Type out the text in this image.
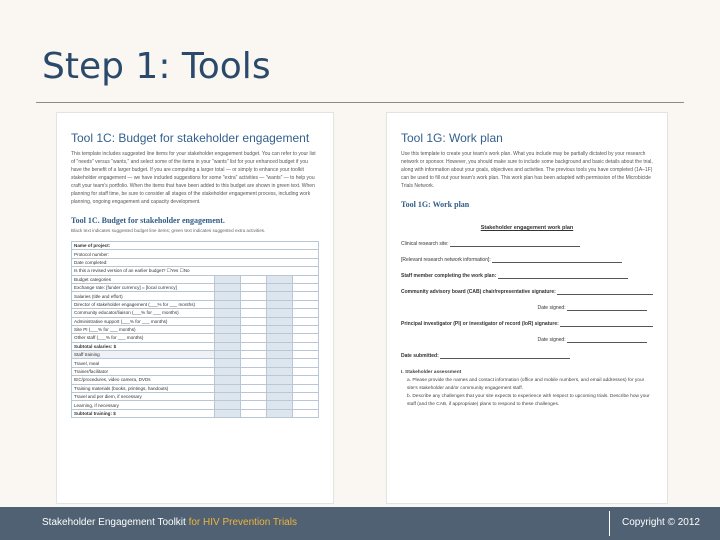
Step 1: Tools
Tool 1C: Budget for stakeholder engagement
This template includes suggested line items for your stakeholder engagement budget. You can refer to your list of "needs" versus "wants," and select some of the items in your "wants" list for your enhanced budget if you have the benefit of a larger budget. If you are computing a larger total — or simply to enhance your toolkit stakeholder engagement — we have included suggestions for some "extra" activities — "wants" — to help you craft your team's portfolio. When the items that have been added to this budget are shown in green text. When planning for staff time, be sure to consider all stages of the stakeholder engagement process, including work planning, ongoing engagement and capacity development.
Tool 1C. Budget for stakeholder engagement.
Black text indicates suggested budget line items; green text indicates suggested extra activities.
Name of project:				
Protocol number:				
Date completed:				
Is this a revised version of an earlier budget? ☐Yes ☐No				
Budget categories				
Exchange rate: [funder currency] = [local currency]				
Salaries (title and effort)				
Director of stakeholder engagement (___% for ___ months)				
Community educator/liaison (___% for ___ months)				
Administrative support (___% for ___ months)				
Site PI (___% for ___ months)				
Other staff (___% for ___ months)				
Subtotal salaries: $				
Staff training				
Travel, meal				
Trainer/facilitator				
IEC/procedures, video camera, DVDs				
Training materials (books, printings, handouts)				
Travel and per diem, if necessary				
Learning, if necessary				
Subtotal training: $				
Tool 1G: Work plan
Use this template to create your team's work plan. What you include may be partially dictated by your research network or sponsor. However, you should make sure to include some background and basic details about the trial, along with information about your goals, objectives and activities. The previous tools you have completed (1A–1F) can be used to fill out your team's work plan. This work plan has been adapted with permission of the Microbicide Trials Network.
Tool 1G: Work plan
Stakeholder engagement work plan
Clinical research site:
[Relevant research network information]:
Staff member completing the work plan:
Community advisory board (CAB) chair/representative signature:
Date signed:
Principal investigator (PI) or investigator of record (IoR) signature:
Date signed:
Date submitted:
I. Stakeholder assessment
a. Please provide the names and contact information (office and mobile numbers, and email addresses) for your site's stakeholder and/or community engagement staff.
b. Describe any challenges that your site expects to experience with respect to upcoming trials. Describe how your staff (and the CAB, if appropriate) plans to respond to these challenges.
Stakeholder Engagement Toolkit for HIV Prevention Trials	Copyright © 2012
